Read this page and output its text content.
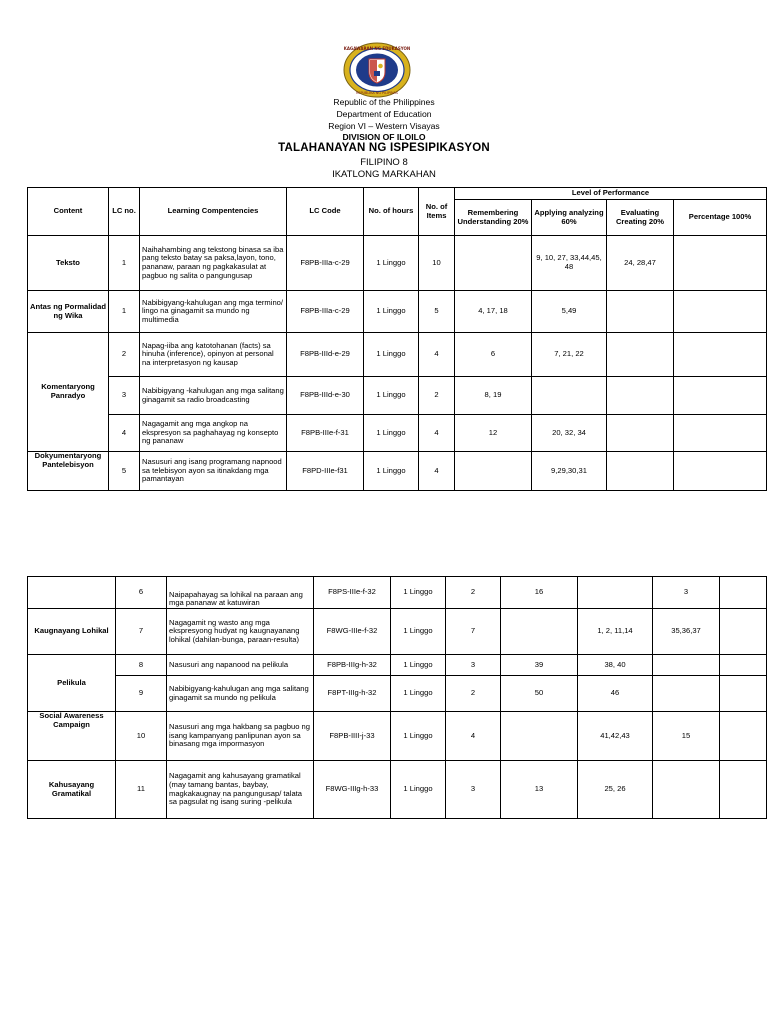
KAGAWARAN NG EDUKASYON
REPUBLIKA NG PILIPINAS
Republic of the Philippines
Department of Education
Region VI – Western Visayas
DIVISION OF ILOILO
TALAHANAYAN NG ISPESIPIKASYON
FILIPINO 8
IKATLONG MARKAHAN
Content	LC no.	Learning Compentencies	LC Code	No. of hours	No. of Items	Level of Performance			
						Remembering Understanding 20%	Applying analyzing 60%	Evaluating Creating 20%	Percentage 100%
Teksto	1	Naihahambing ang tekstong binasa sa iba pang teksto batay sa paksa,layon, tono, pananaw, paraan ng pagkakasulat at pagbuo ng salita o pangungusap	F8PB-IIIa-c-29	1 Linggo	10		9, 10, 27, 33,44,45, 48	24, 28,47	
Antas ng Pormalidad ng Wika	1	Nabibigyang-kahulugan ang mga termino/ lingo na ginagamit sa mundo ng multimedia	F8PB-IIIa-c-29	1 Linggo	5	4, 17, 18	5,49		
Komentaryong Panradyo	2	Napag-iiba ang katotohanan (facts) sa hinuha (inference), opinyon at personal na interpretasyon ng kausap	F8PB-IIId-e-29	1 Linggo	4	6	7, 21, 22		
	3	Nabibigyang -kahulugan ang mga salitang ginagamit sa radio broadcasting	F8PB-IIId-e-30	1 Linggo	2	8, 19			
	4	Nagagamit ang mga angkop na ekspresyon sa paghahayag ng konsepto ng pananaw	F8PB-IIIe-f-31	1 Linggo	4	12	20, 32, 34		
Dokyumentaryong Pantelebisyon	5	Nasusuri ang isang programang napnood sa telebisyon ayon sa itinakdang mga pamantayan	F8PD-IIIe-f31	1 Linggo	4		9,29,30,31		
	6	Naipapahayag sa lohikal na paraan ang mga pananaw at katuwiran	F8PS-IIIe-f-32	1 Linggo	2	16		3	
Kaugnayang Lohikal	7	Nagagamit ng wasto ang mga ekspresyong hudyat ng kaugnayanang lohikal (dahilan-bunga, paraan-resulta)	F8WG-IIIe-f-32	1 Linggo	7		1, 2, 11,14	35,36,37	
Pelikula	8	Nasusuri ang napanood na pelikula	F8PB-IIIg-h-32	1 Linggo	3	39	38, 40		
	9	Nabibigyang-kahulugan ang mga salitang ginagamit sa mundo ng pelikula	F8PT-IIIg-h-32	1 Linggo	2	50	46		
Social Awareness Campaign	10	Nasusuri ang mga hakbang sa pagbuo ng isang kampanyang panlipunan ayon sa binasang mga impormasyon	F8PB-IIII-j-33	1 Linggo	4		41,42,43	15	
Kahusayang Gramatikal	11	Nagagamit ang kahusayang gramatikal (may tamang bantas, baybay, magkakaugnay na pangungusap/ talata sa pagsulat ng isang suring -pelikula	F8WG-IIIg-h-33	1 Linggo	3	13	25, 26		
